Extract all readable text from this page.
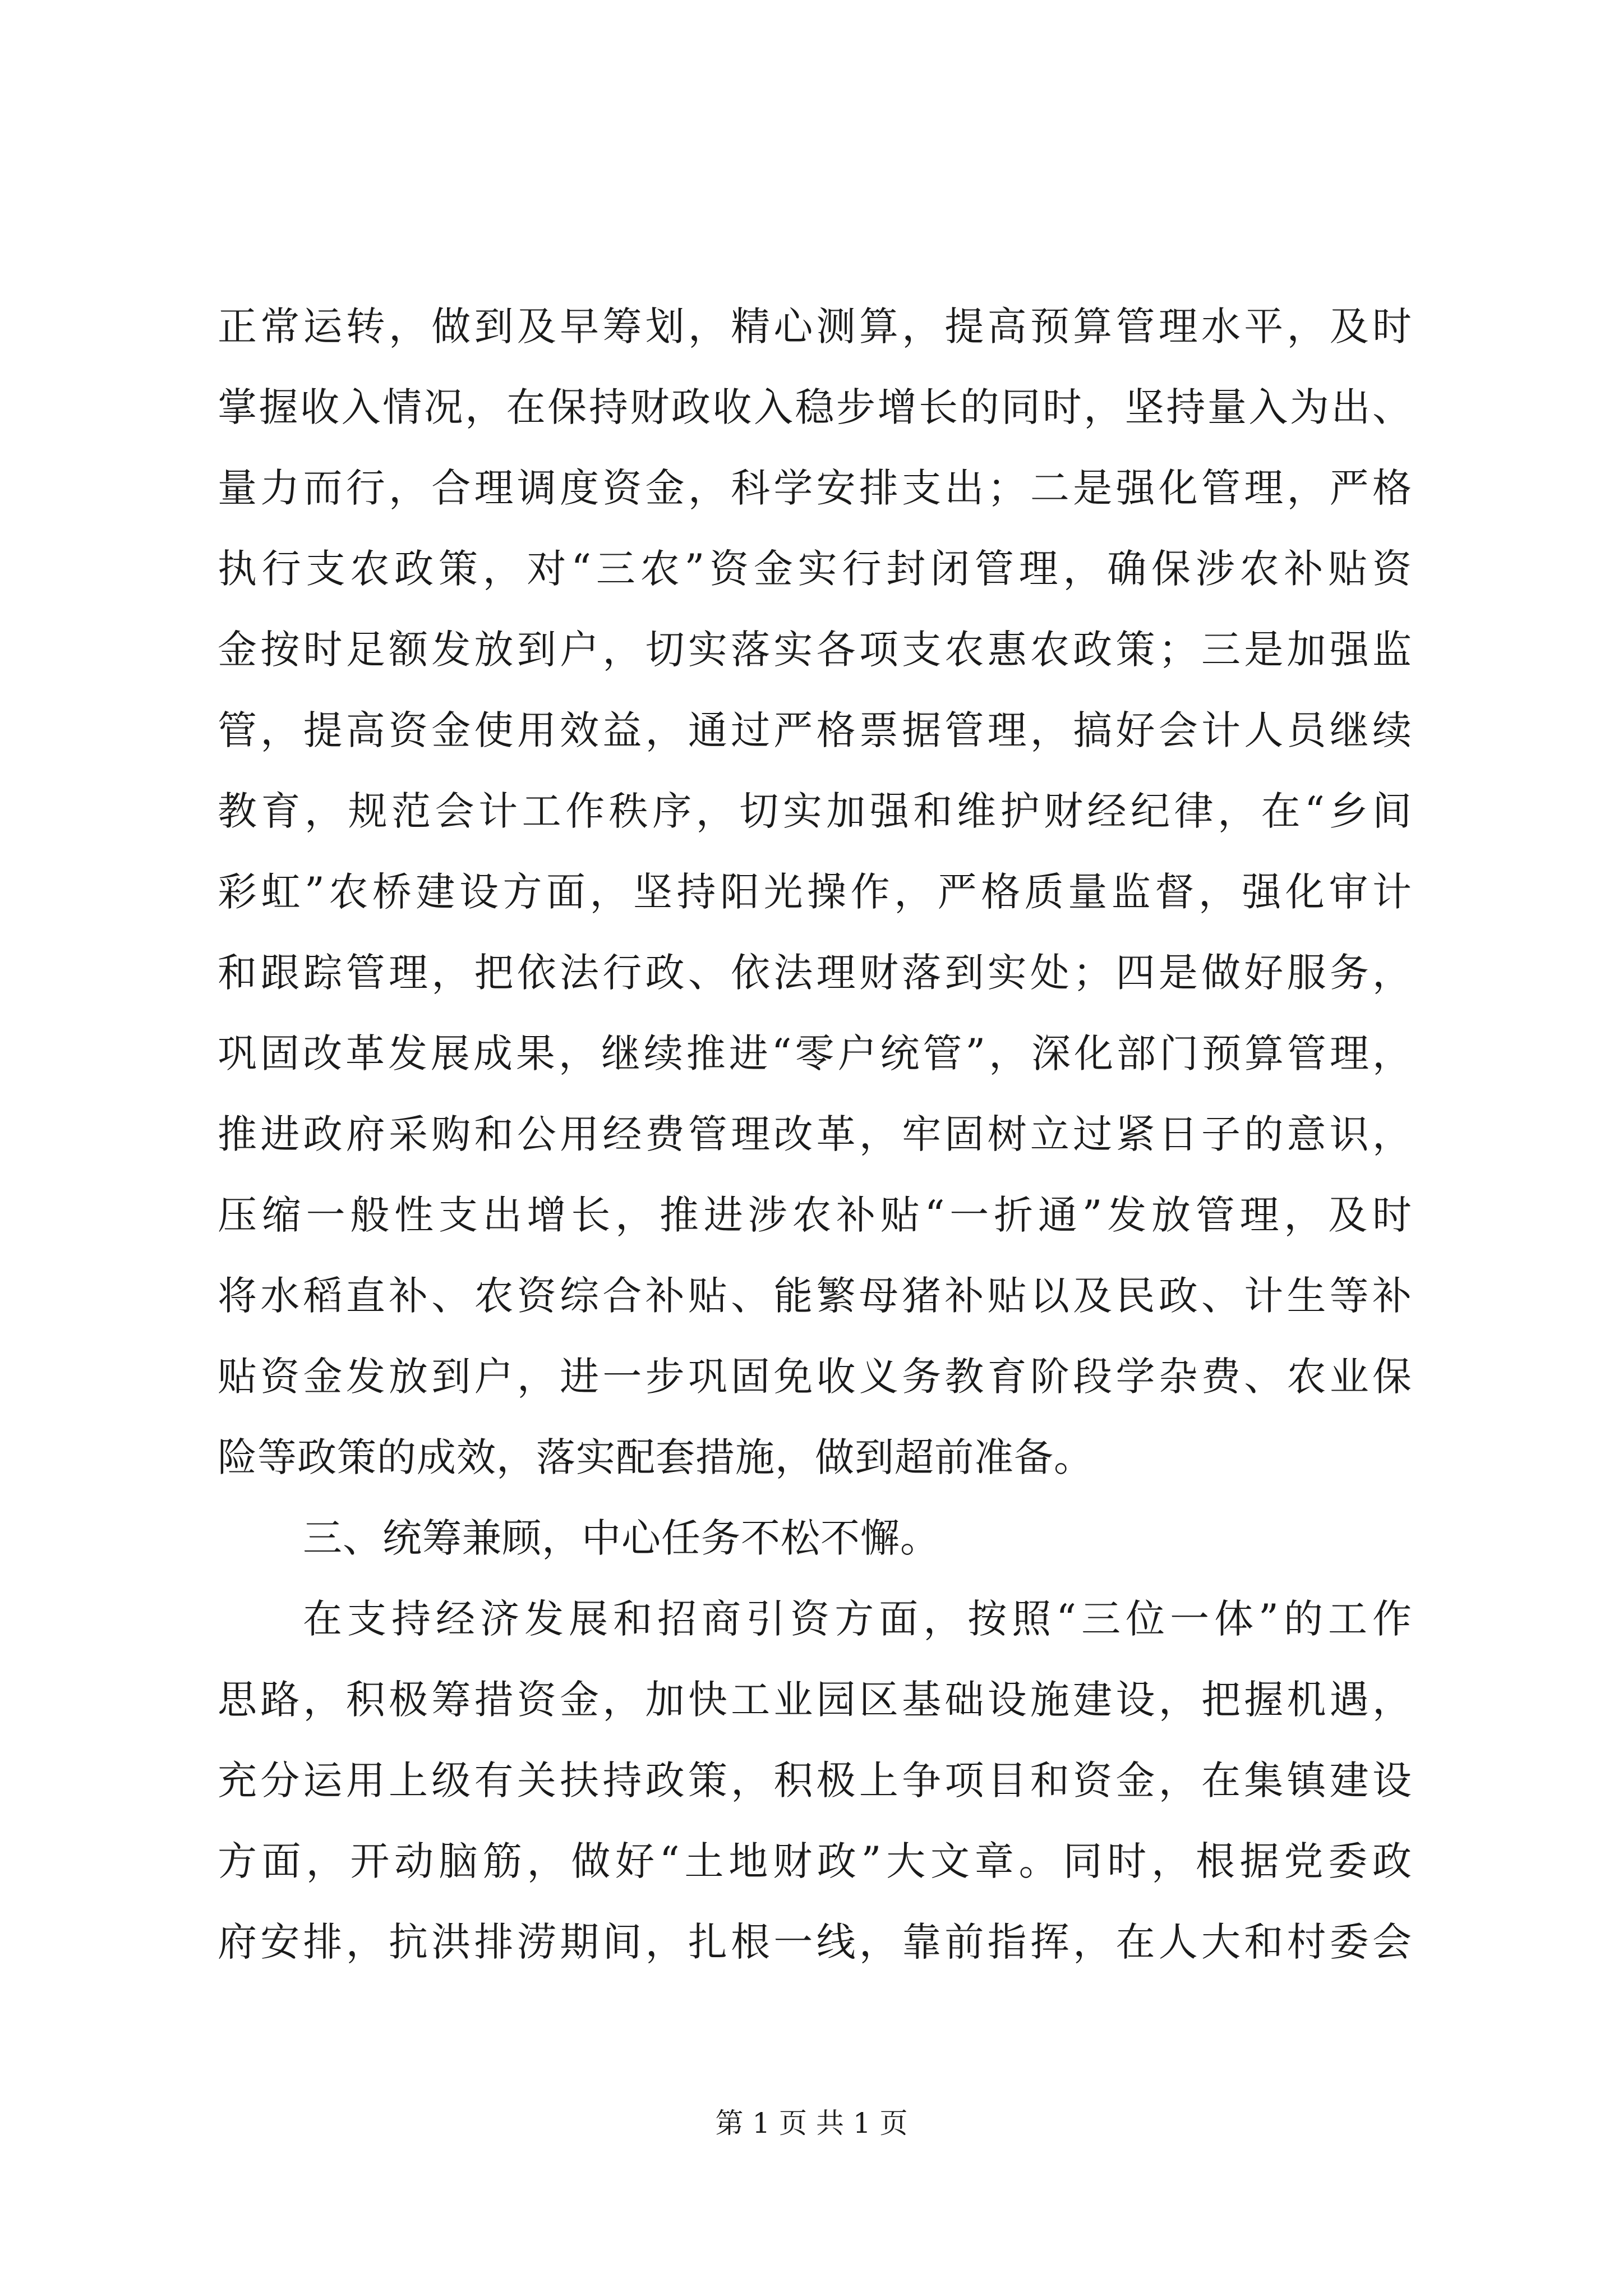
正常运转，做到及早筹划，精心测算，提高预算管理水平，及时
掌握收入情况，在保持财政收入稳步增长的同时，坚持量入为出、
量力而行，合理调度资金，科学安排支出；二是强化管理，严格
执行支农政策，对“三农”资金实行封闭管理，确保涉农补贴资
金按时足额发放到户，切实落实各项支农惠农政策；三是加强监
管，提高资金使用效益，通过严格票据管理，搞好会计人员继续
教育，规范会计工作秩序，切实加强和维护财经纪律，在“乡间
彩虹”农桥建设方面，坚持阳光操作，严格质量监督，强化审计
和跟踪管理，把依法行政、依法理财落到实处；四是做好服务，
巩固改革发展成果，继续推进“零户统管”，深化部门预算管理，
推进政府采购和公用经费管理改革，牢固树立过紧日子的意识，
压缩一般性支出增长，推进涉农补贴“一折通”发放管理，及时
将水稻直补、农资综合补贴、能繁母猪补贴以及民政、计生等补
贴资金发放到户，进一步巩固免收义务教育阶段学杂费、农业保
险等政策的成效，落实配套措施，做到超前准备。
三、统筹兼顾，中心任务不松不懈。
在支持经济发展和招商引资方面，按照“三位一体”的工作
思路，积极筹措资金，加快工业园区基础设施建设，把握机遇，
充分运用上级有关扶持政策，积极上争项目和资金，在集镇建设
方面，开动脑筋，做好“土地财政”大文章。同时，根据党委政
府安排，抗洪排涝期间，扎根一线，靠前指挥，在人大和村委会
第 1 页 共 1 页
